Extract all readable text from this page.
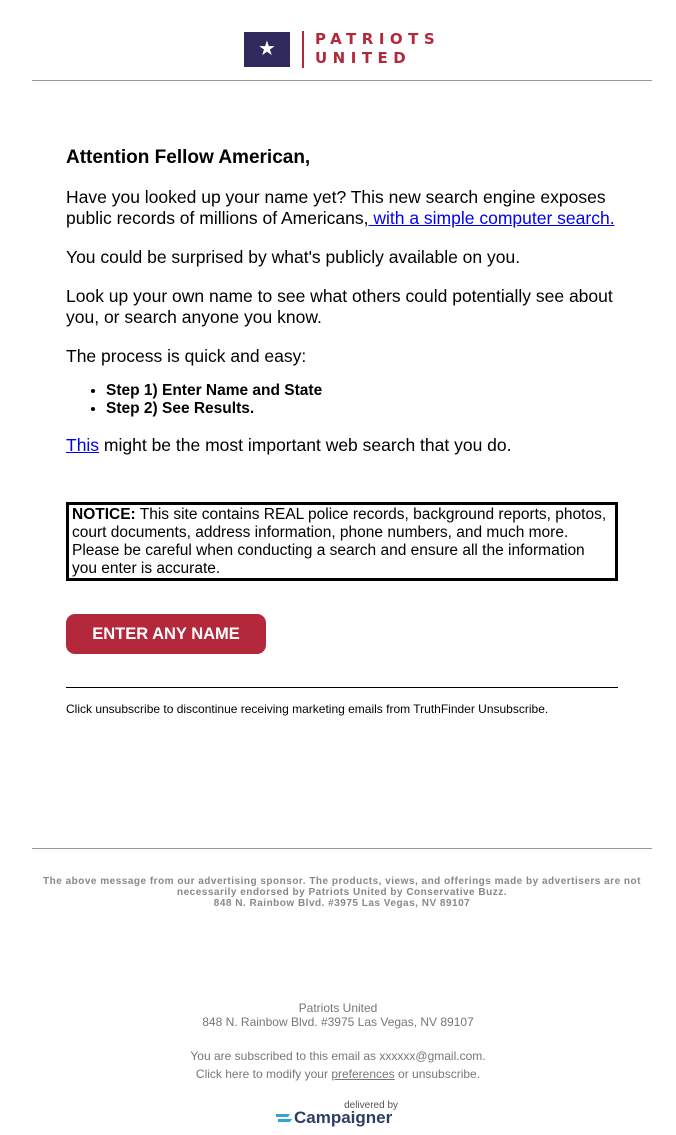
★	PATRIOTS
UNITED

Attention Fellow American,

Have you looked up your name yet? This new search engine exposes public records of millions of Americans, with a simple computer search.

You could be surprised by what's publicly available on you.

Look up your own name to see what others could potentially see about you, or search anyone you know.

The process is quick and easy:

• Step 1) Enter Name and State
• Step 2) See Results.

This might be the most important web search that you do.

NOTICE: This site contains REAL police records, background reports, photos, court documents, address information, phone numbers, and much more. Please be careful when conducting a search and ensure all the information you enter is accurate.
ENTER ANY NAME
Click unsubscribe to discontinue receiving marketing emails from TruthFinder Unsubscribe.
The above message from our advertising sponsor. The products, views, and offerings made by advertisers are not necessarily endorsed by Patriots United by Conservative Buzz.
848 N. Rainbow Blvd. #3975 Las Vegas, NV 89107
Patriots United
848 N. Rainbow Blvd. #3975 Las Vegas, NV 89107
You are subscribed to this email as xxxxxx@gmail.com.
Click here to modify your preferences or unsubscribe.
delivered by
Campaigner
